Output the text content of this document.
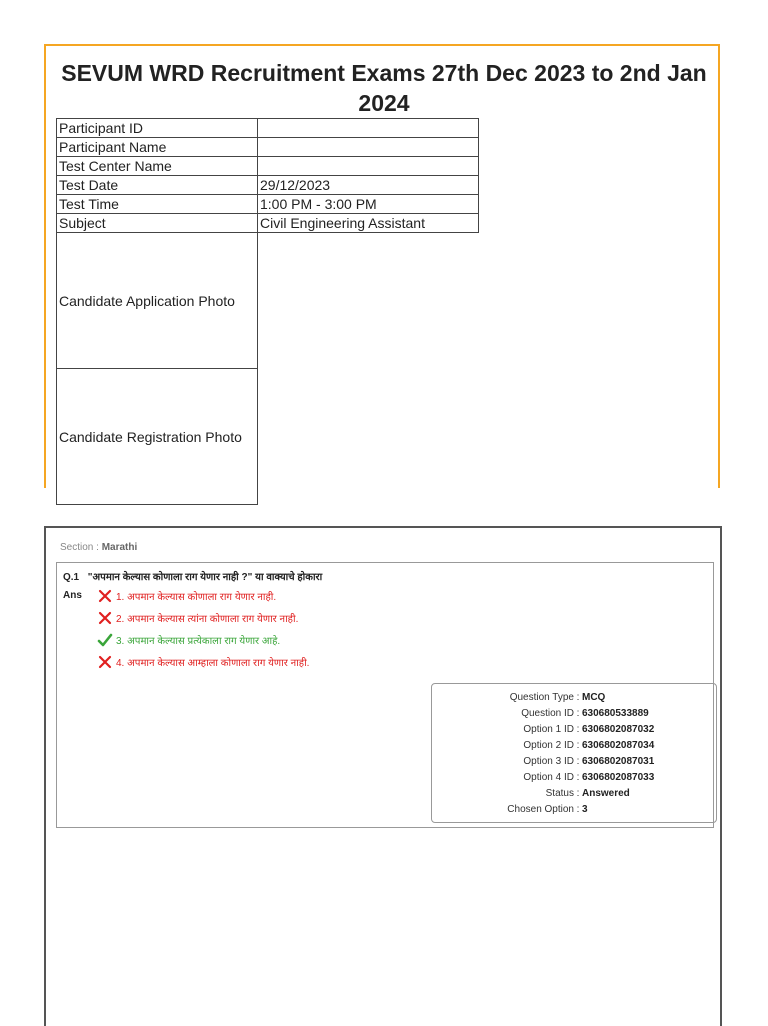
SEVUM WRD Recruitment Exams 27th Dec 2023 to 2nd Jan 2024
Participant ID	
Participant Name	
Test Center Name	
Test Date	29/12/2023
Test Time	1:00 PM - 3:00 PM
Subject	Civil Engineering Assistant
Candidate Application Photo	
Candidate Registration Photo	
Section : Marathi
Q.1 "अपमान केल्यास कोणाला राग येणार नाही ?" या वाक्याचे होकारा
Ans	1. अपमान केल्यास कोणाला राग येणार नाही.
2. अपमान केल्यास त्यांना कोणाला राग येणार नाही.
3. अपमान केल्यास प्रत्येकाला राग येणार आहे.
4. अपमान केल्यास आम्हाला कोणाला राग येणार नाही.
Question Type : MCQ
Question ID : 630680533889
Option 1 ID : 6306802087032
Option 2 ID : 6306802087034
Option 3 ID : 6306802087031
Option 4 ID : 6306802087033
Status : Answered
Chosen Option : 3
